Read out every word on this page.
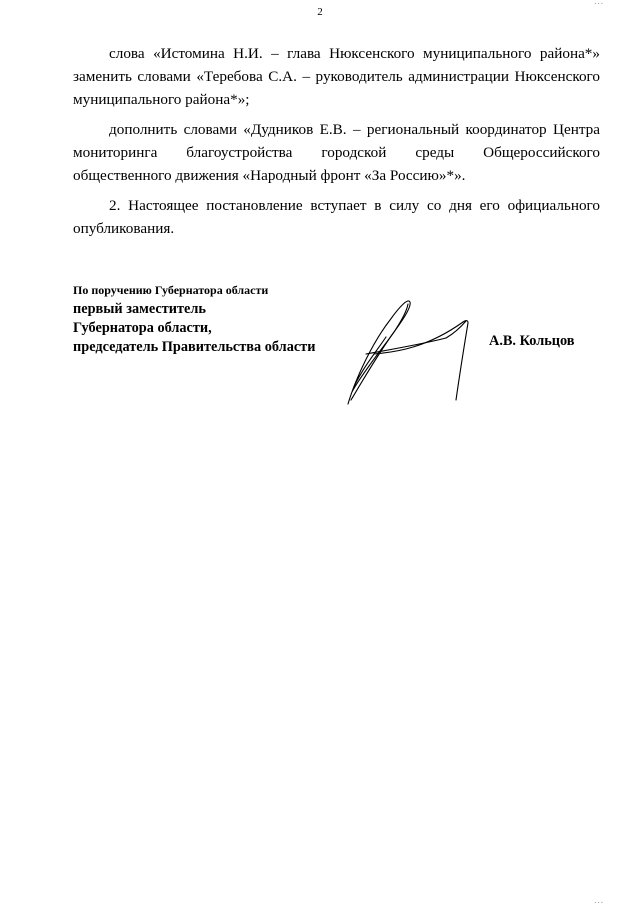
...
2

слова «Истомина Н.И. – глава Нюксенского муниципального района*» заменить словами «Теребова С.А. – руководитель администрации Нюксенского муниципального района*»;

дополнить словами «Дудников Е.В. – региональный координатор Центра мониторинга благоустройства городской среды Общероссийского общественного движения «Народный фронт «За Россию»*».

2. Настоящее постановление вступает в силу со дня его официального опубликования.

По поручению Губернатора области
первый заместитель
Губернатора области,
председатель Правительства области	А.В. Кольцов
...
